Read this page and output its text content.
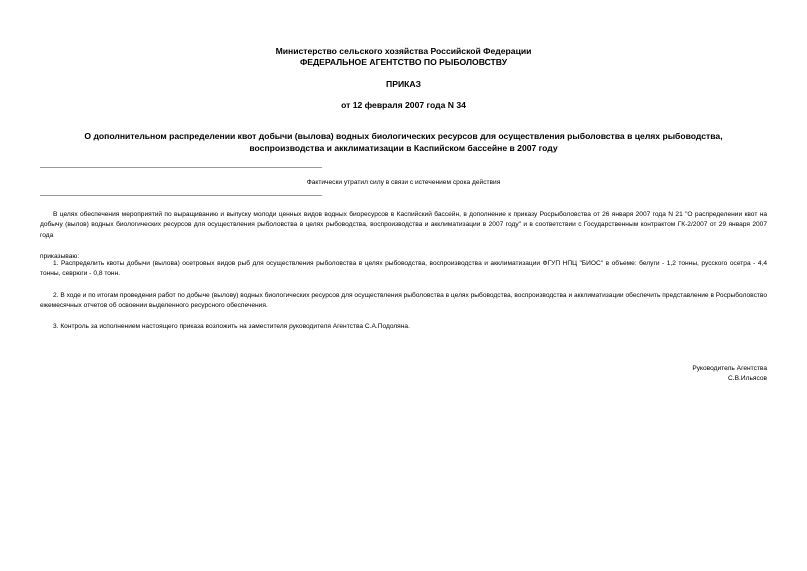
Министерство сельского хозяйства Российской Федерации
ФЕДЕРАЛЬНОЕ АГЕНТСТВО ПО РЫБОЛОВСТВУ
ПРИКАЗ
от 12 февраля 2007 года N 34
О дополнительном распределении квот добычи (вылова) водных биологических ресурсов для осуществления рыболовства в целях рыбоводства,
воспроизводства и акклиматизации в Каспийском бассейне в 2007 году
Фактически утратил силу в связи с истечением срока действия
В целях обеспечения мероприятий по выращиванию и выпуску молоди ценных видов водных биоресурсов в Каспийский бассейн, в дополнение к приказу Росрыболовства от 26 января 2007 года N 21 "О распределении квот на добычу (вылов) водных биологических ресурсов для осуществления рыболовства в целях рыбоводства, воспроизводства и акклиматизации в 2007 году" и в соответствии с Государственным контрактом ГК-2/2007 от 29 января 2007 года
приказываю:
1. Распределить квоты добычи (вылова) осетровых видов рыб для осуществления рыболовства в целях рыбоводства, воспроизводства и акклиматизации ФГУП НПЦ "БИОС" в объеме: белуги - 1,2 тонны, русского осетра - 4,4 тонны, севрюги - 0,8 тонн.
2. В ходе и по итогам проведения работ по добыче (вылову) водных биологических ресурсов для осуществления рыболовства в целях рыбоводства, воспроизводства и акклиматизации обеспечить представление в Росрыболовство ежемесячных отчетов об освоении выделенного ресурсного обеспечения.
3. Контроль за исполнением настоящего приказа возложить на заместителя руководителя Агентства С.А.Подоляна.
Руководитель Агентства
С.В.Ильясов
